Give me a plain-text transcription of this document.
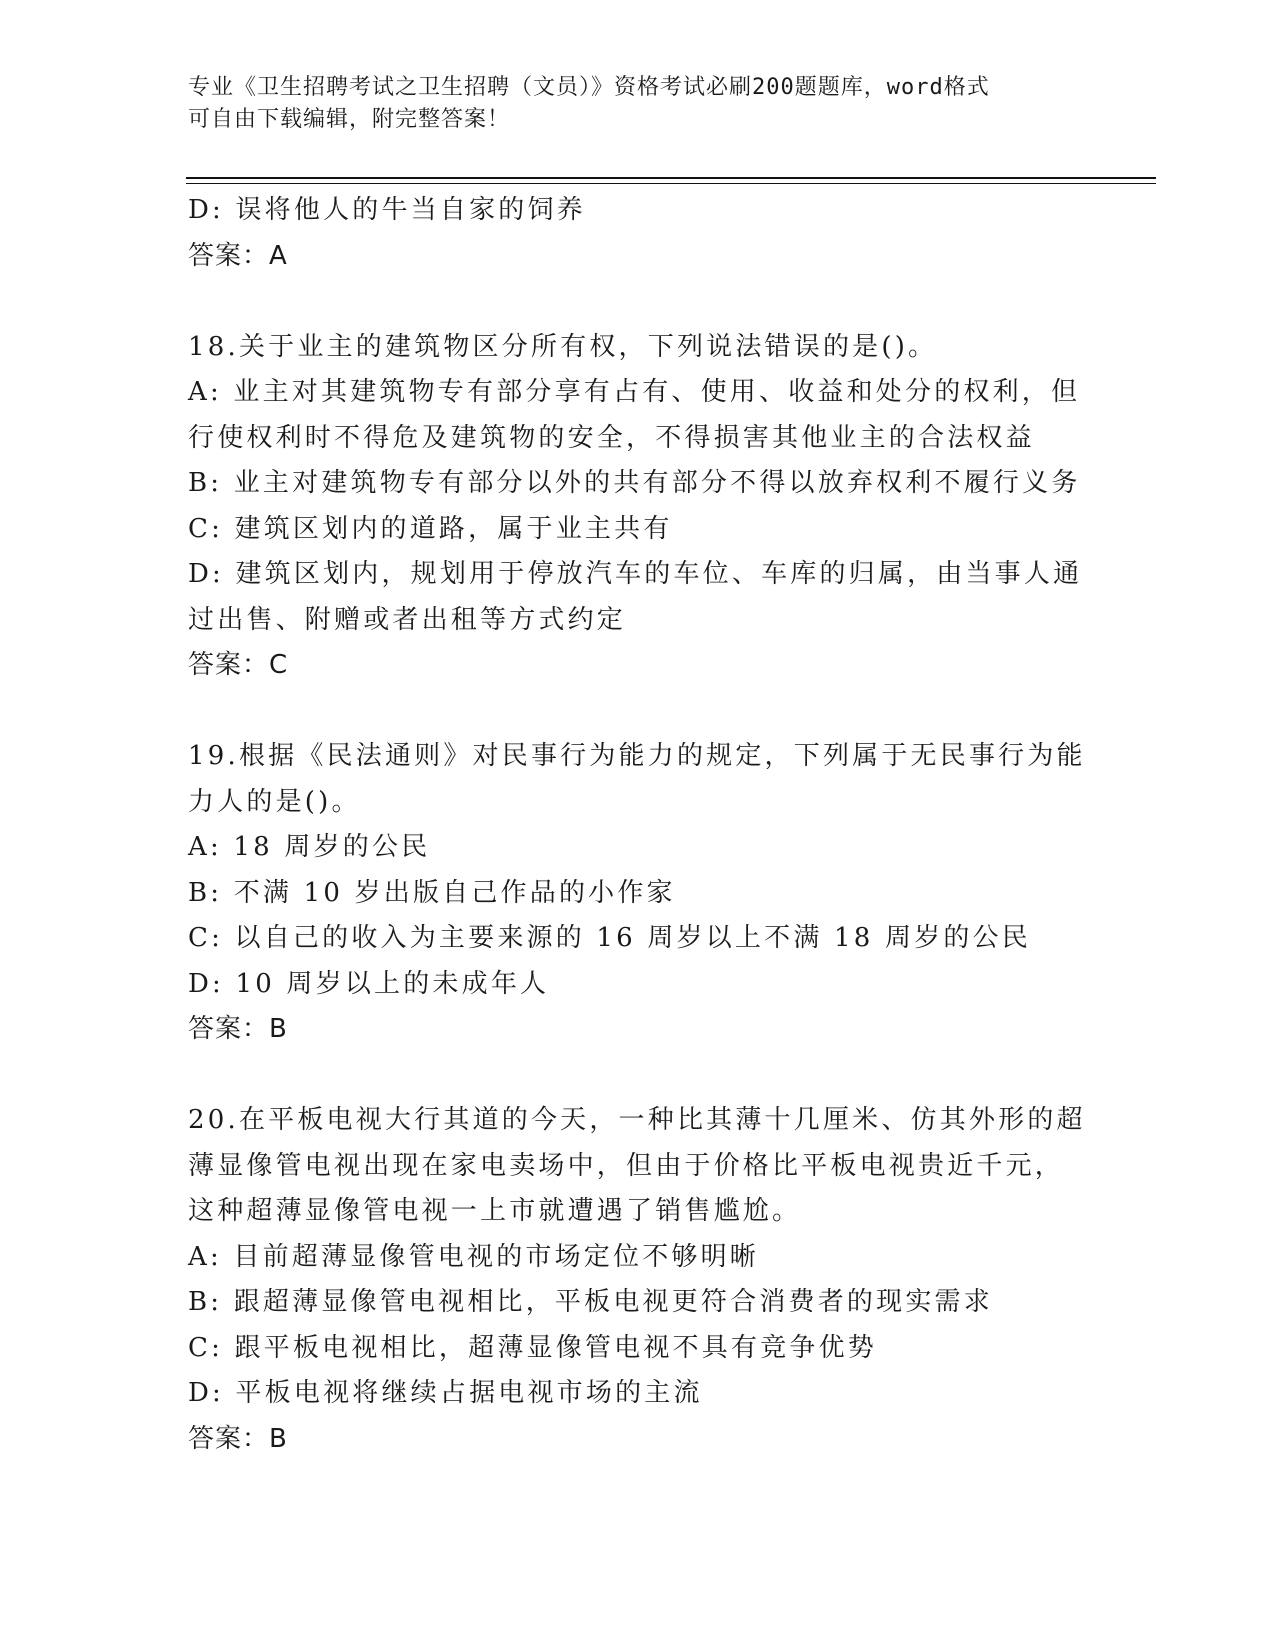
专业《卫生招聘考试之卫生招聘（文员）》资格考试必刷200题题库，word格式
可自由下载编辑，附完整答案！

D: 误将他人的牛当自家的饲养

答案：A

18.关于业主的建筑物区分所有权，下列说法错误的是()。

A: 业主对其建筑物专有部分享有占有、使用、收益和处分的权利，但

行使权利时不得危及建筑物的安全，不得损害其他业主的合法权益

B: 业主对建筑物专有部分以外的共有部分不得以放弃权利不履行义务

C: 建筑区划内的道路，属于业主共有

D: 建筑区划内，规划用于停放汽车的车位、车库的归属，由当事人通

过出售、附赠或者出租等方式约定

答案：C

19.根据《民法通则》对民事行为能力的规定，下列属于无民事行为能

力人的是()。

A: 18 周岁的公民

B: 不满 10 岁出版自己作品的小作家

C: 以自己的收入为主要来源的 16 周岁以上不满 18 周岁的公民

D: 10 周岁以上的未成年人

答案：B

20.在平板电视大行其道的今天，一种比其薄十几厘米、仿其外形的超

薄显像管电视出现在家电卖场中，但由于价格比平板电视贵近千元，

这种超薄显像管电视一上市就遭遇了销售尴尬。

A: 目前超薄显像管电视的市场定位不够明晰

B: 跟超薄显像管电视相比，平板电视更符合消费者的现实需求

C: 跟平板电视相比，超薄显像管电视不具有竞争优势

D: 平板电视将继续占据电视市场的主流

答案：B
